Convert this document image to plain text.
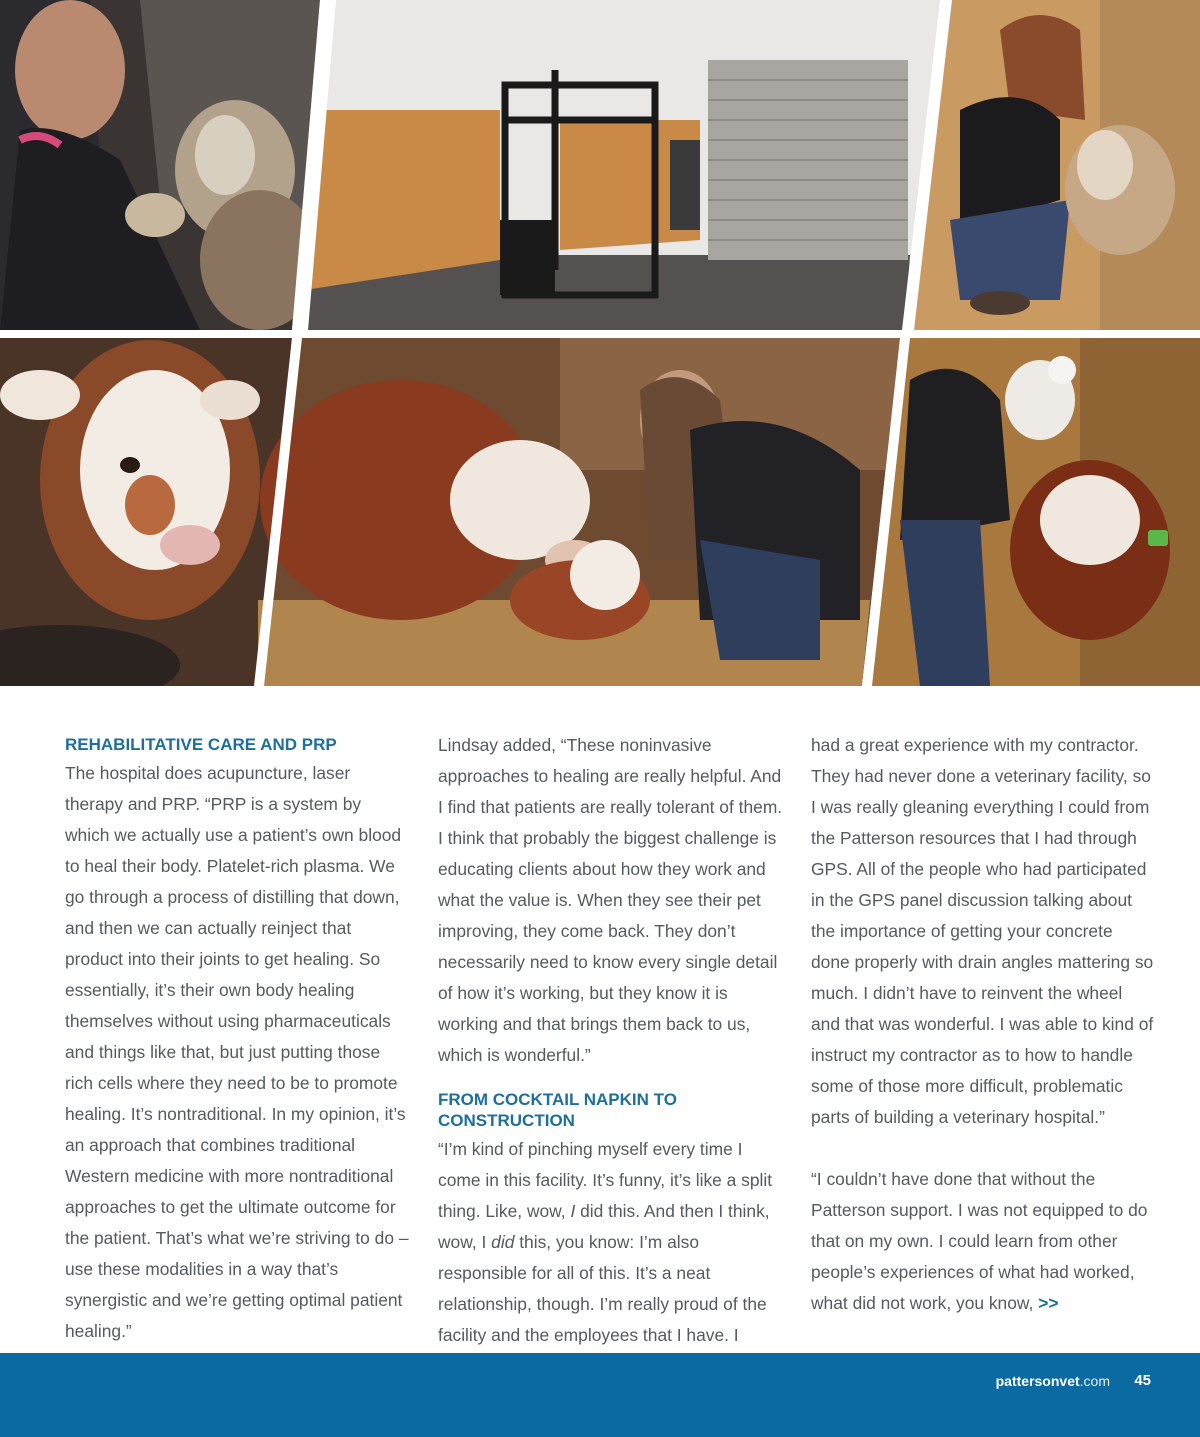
REHABILITATIVE CARE AND PRP

The hospital does acupuncture, laser therapy and PRP. “PRP is a system by which we actually use a patient’s own blood to heal their body. Platelet-rich plasma. We go through a process of distilling that down, and then we can actually reinject that product into their joints to get healing. So essentially, it’s their own body healing themselves without using pharmaceuticals and things like that, but just putting those rich cells where they need to be to promote healing. It’s nontraditional. In my opinion, it’s an approach that combines traditional Western medicine with more nontraditional approaches to get the ultimate outcome for the patient. That’s what we’re striving to do – use these modalities in a way that’s synergistic and we’re getting optimal patient healing.”

Lindsay added, “These noninvasive approaches to healing are really helpful. And I find that patients are really tolerant of them. I think that probably the biggest challenge is educating clients about how they work and what the value is. When they see their pet improving, they come back. They don’t necessarily need to know every single detail of how it’s working, but they know it is working and that brings them back to us, which is wonderful.”

FROM COCKTAIL NAPKIN TO CONSTRUCTION

“I’m kind of pinching myself every time I come in this facility. It’s funny, it’s like a split thing. Like, wow, I did this. And then I think, wow, I did this, you know: I’m also responsible for all of this. It’s a neat relationship, though. I’m really proud of the facility and the employees that I have. I

had a great experience with my contractor. They had never done a veterinary facility, so I was really gleaning everything I could from the Patterson resources that I had through GPS. All of the people who had participated in the GPS panel discussion talking about the importance of getting your concrete done properly with drain angles mattering so much. I didn’t have to reinvent the wheel and that was wonderful. I was able to kind of instruct my contractor as to how to handle some of those more difficult, problematic parts of building a veterinary hospital.”

“I couldn’t have done that without the Patterson support. I was not equipped to do that on my own. I could learn from other people’s experiences of what had worked, what did not work, you know, >>

pattersonvet.com 45
